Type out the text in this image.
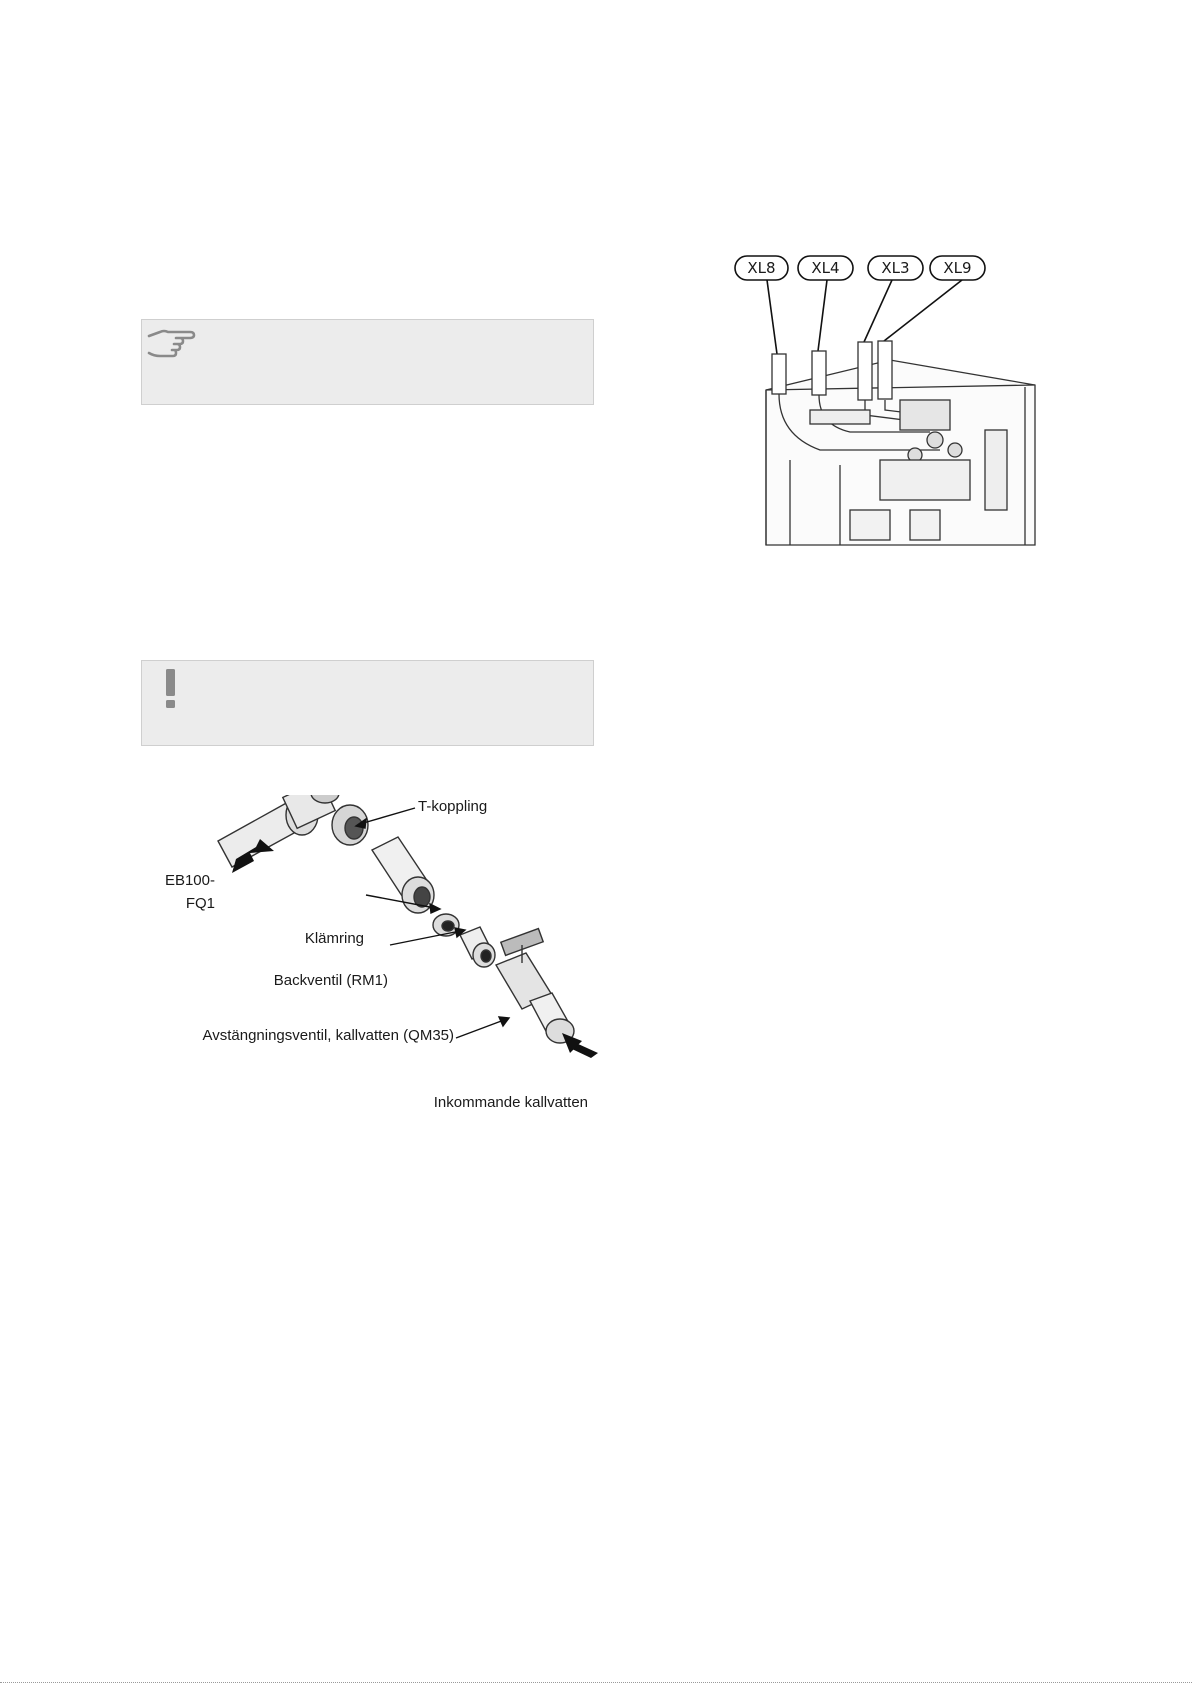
XL8 XL4	XL3 XL9
T-koppling
EB100-
FQ1
Klämring
Backventil (RM1)
Avstängningsventil, kallvatten (QM35)
Inkommande kallvatten
